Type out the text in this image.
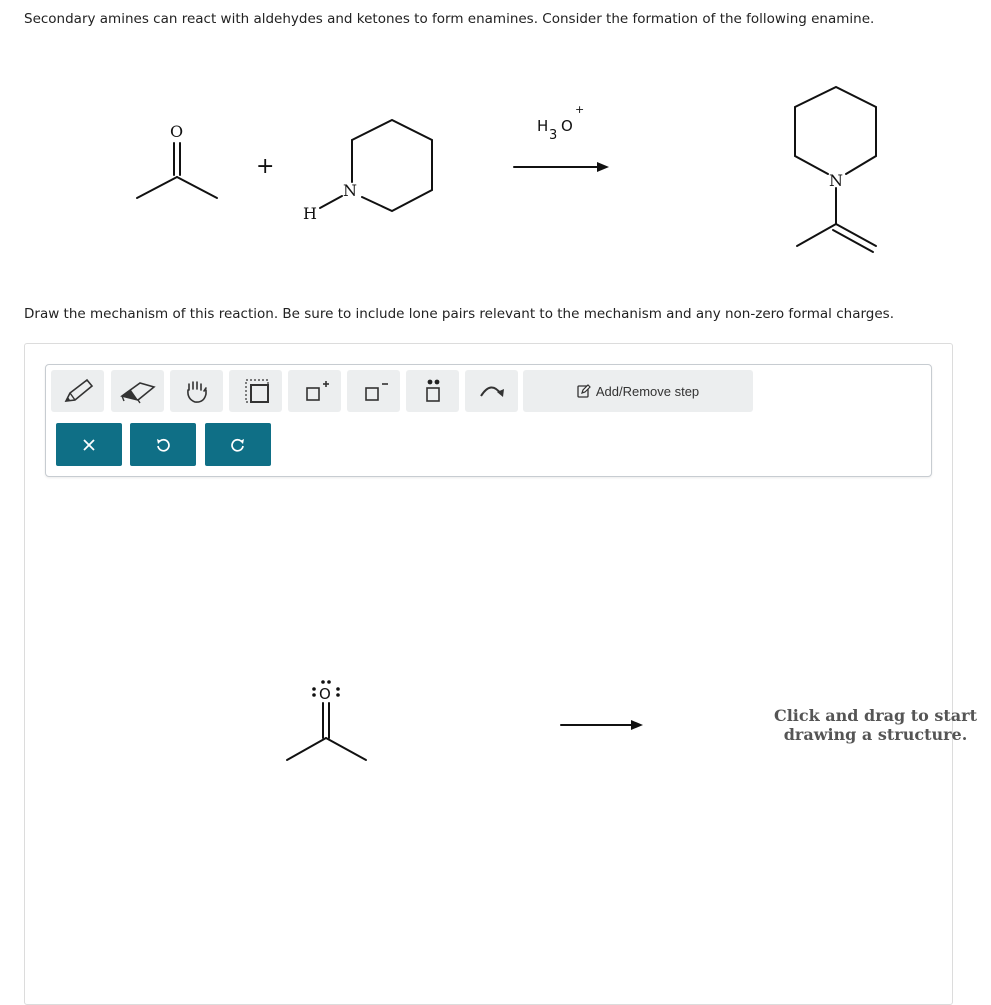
Secondary amines can react with aldehydes and ketones to form enamines. Consider the formation of the following enamine.
O
N
H
N
+
H
3
O
+
Draw the mechanism of this reaction. Be sure to include lone pairs relevant to the mechanism and any non-zero formal charges.
Add/Remove step
O
Click and drag to start
drawing a structure.
